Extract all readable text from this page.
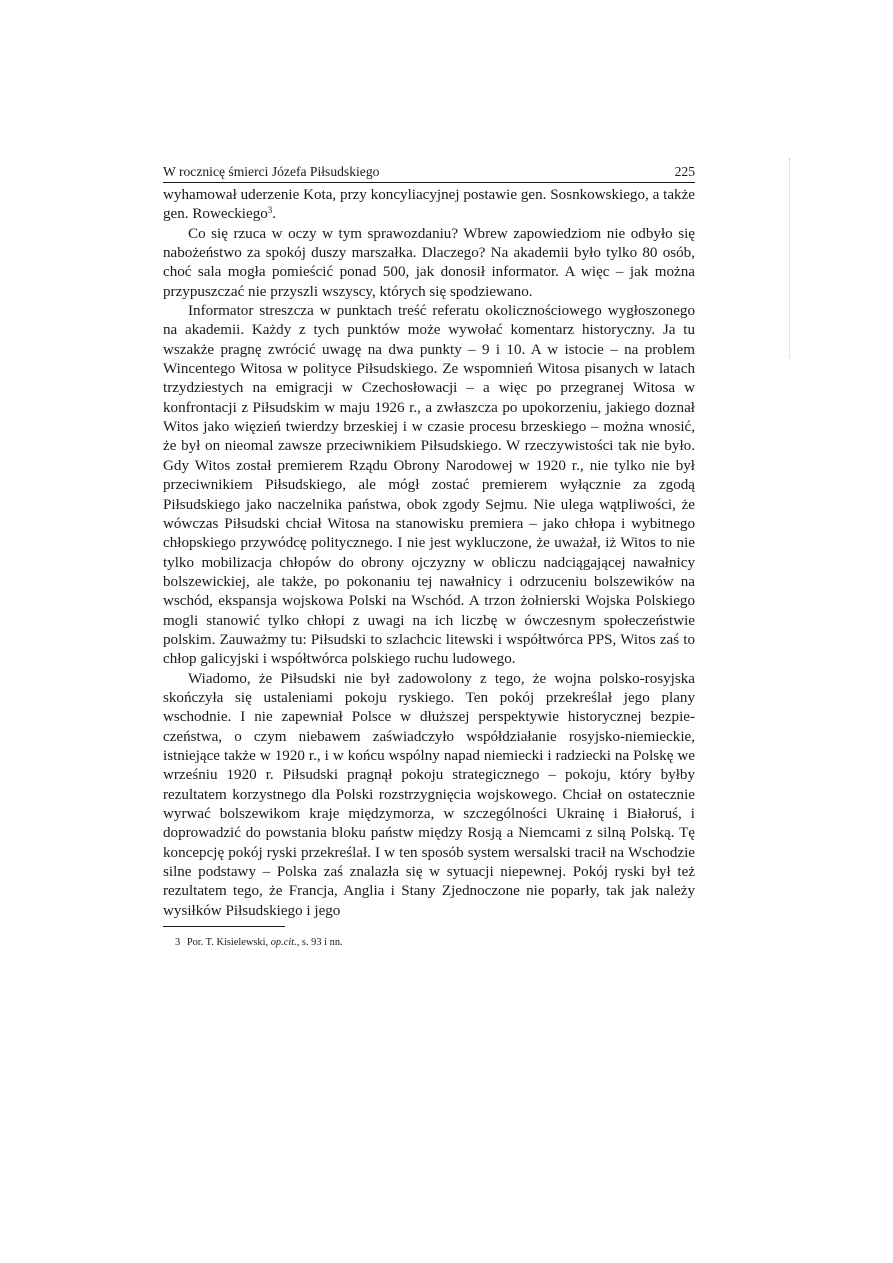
W rocznicę śmierci Józefa Piłsudskiego	225

wyhamował uderzenie Kota, przy koncyliacyjnej postawie gen. Sosnkowskiego, a także gen. Roweckiego$^3$.

Co się rzuca w oczy w tym sprawozdaniu? Wbrew zapowiedziom nie odbyło się nabożeństwo za spokój duszy marszałka. Dlaczego? Na akademii było tylko 80 osób, choć sala mogła pomieścić ponad 500, jak donosił informator. A więc – jak można przypuszczać nie przyszli wszyscy, których się spodziewano.

Informator streszcza w punktach treść referatu okolicznościowego wygłoszonego na akademii. Każdy z tych punktów może wywołać komentarz historyczny. Ja tu wszakże pragnę zwrócić uwagę na dwa punkty – 9 i 10. A w istocie – na problem Wincentego Witosa w polityce Piłsudskiego. Ze wspomnień Witosa pisanych w latach trzydziestych na emigracji w Czechosłowacji – a więc po przegranej Witosa w konfrontacji z Piłsudskim w maju 1926 r., a zwłaszcza po upokorzeniu, jakiego doznał Witos jako więzień twierdzy brzeskiej i w czasie procesu brzeskiego – można wnosić, że był on nieomal zawsze przeciwnikiem Piłsudskiego. W rzeczywistości tak nie było. Gdy Witos został premierem Rządu Obrony Narodowej w 1920 r., nie tylko nie był przeciwnikiem Piłsudskiego, ale mógł zostać premierem wyłącznie za zgodą Piłsudskiego jako naczelnika państwa, obok zgody Sejmu. Nie ulega wątpliwości, że wówczas Piłsudski chciał Witosa na stanowisku premiera – jako chłopa i wybitnego chłopskiego przywódcę politycznego. I nie jest wykluczone, że uważał, iż Witos to nie tylko mobilizacja chłopów do obrony ojczyzny w obliczu nadciągającej nawałnicy bolszewickiej, ale także, po pokonaniu tej nawałnicy i odrzuceniu bolszewików na wschód, ekspansja wojskowa Polski na Wschód. A trzon żołnierski Wojska Polskiego mogli stanowić tylko chłopi z uwagi na ich liczbę w ówczesnym społeczeństwie polskim. Zauważmy tu: Piłsudski to szlachcic litewski i współtwórca PPS, Witos zaś to chłop galicyjski i współtwórca polskiego ruchu ludowego.

Wiadomo, że Piłsudski nie był zadowolony z tego, że wojna polsko-rosyjska skończyła się ustaleniami pokoju ryskiego. Ten pokój przekreślał jego plany wschodnie. I nie zapewniał Polsce w dłuższej perspektywie historycznej bezpieczeństwa, o czym niebawem zaświadczyło współdziałanie rosyjsko-niemieckie, istniejące także w 1920 r., i w końcu wspólny napad niemiecki i radziecki na Polskę we wrześniu 1920 r. Piłsudski pragnął pokoju strategicznego – pokoju, który byłby rezultatem korzystnego dla Polski rozstrzygnięcia wojskowego. Chciał on ostatecznie wyrwać bolszewikom kraje międzymorza, w szczególności Ukrainę i Białoruś, i doprowadzić do powstania bloku państw między Rosją a Niemcami z silną Polską. Tę koncepcję pokój ryski przekreślał. I w ten sposób system wersalski tracił na Wschodzie silne podstawy – Polska zaś znalazła się w sytuacji niepewnej. Pokój ryski był też rezultatem tego, że Francja, Anglia i Stany Zjednoczone nie poparły, tak jak należy wysiłków Piłsudskiego i jego

3 Por. T. Kisielewski, op.cit., s. 93 i nn.
